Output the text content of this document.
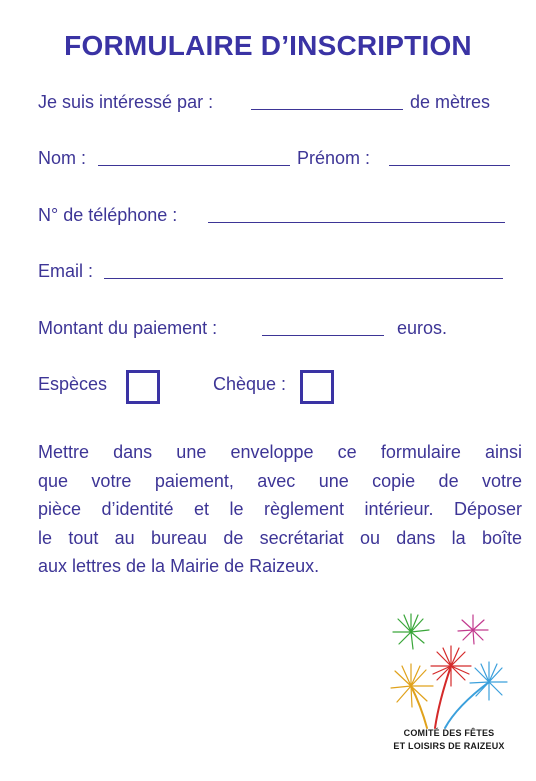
FORMULAIRE D’INSCRIPTION
Je suis intéressé par :	de mètres
Nom :	Prénom :
N° de téléphone :
Email :
Montant du paiement :	euros.
Espèces	Chèque :
Mettre dans une enveloppe ce formulaire ainsi
que votre paiement, avec une copie de votre
pièce d’identité et le règlement intérieur. Déposer
le tout au bureau de secrétariat ou dans la boîte
aux lettres de la Mairie de Raizeux.
COMITÉ DES FÊTES
ET LOISIRS DE RAIZEUX
